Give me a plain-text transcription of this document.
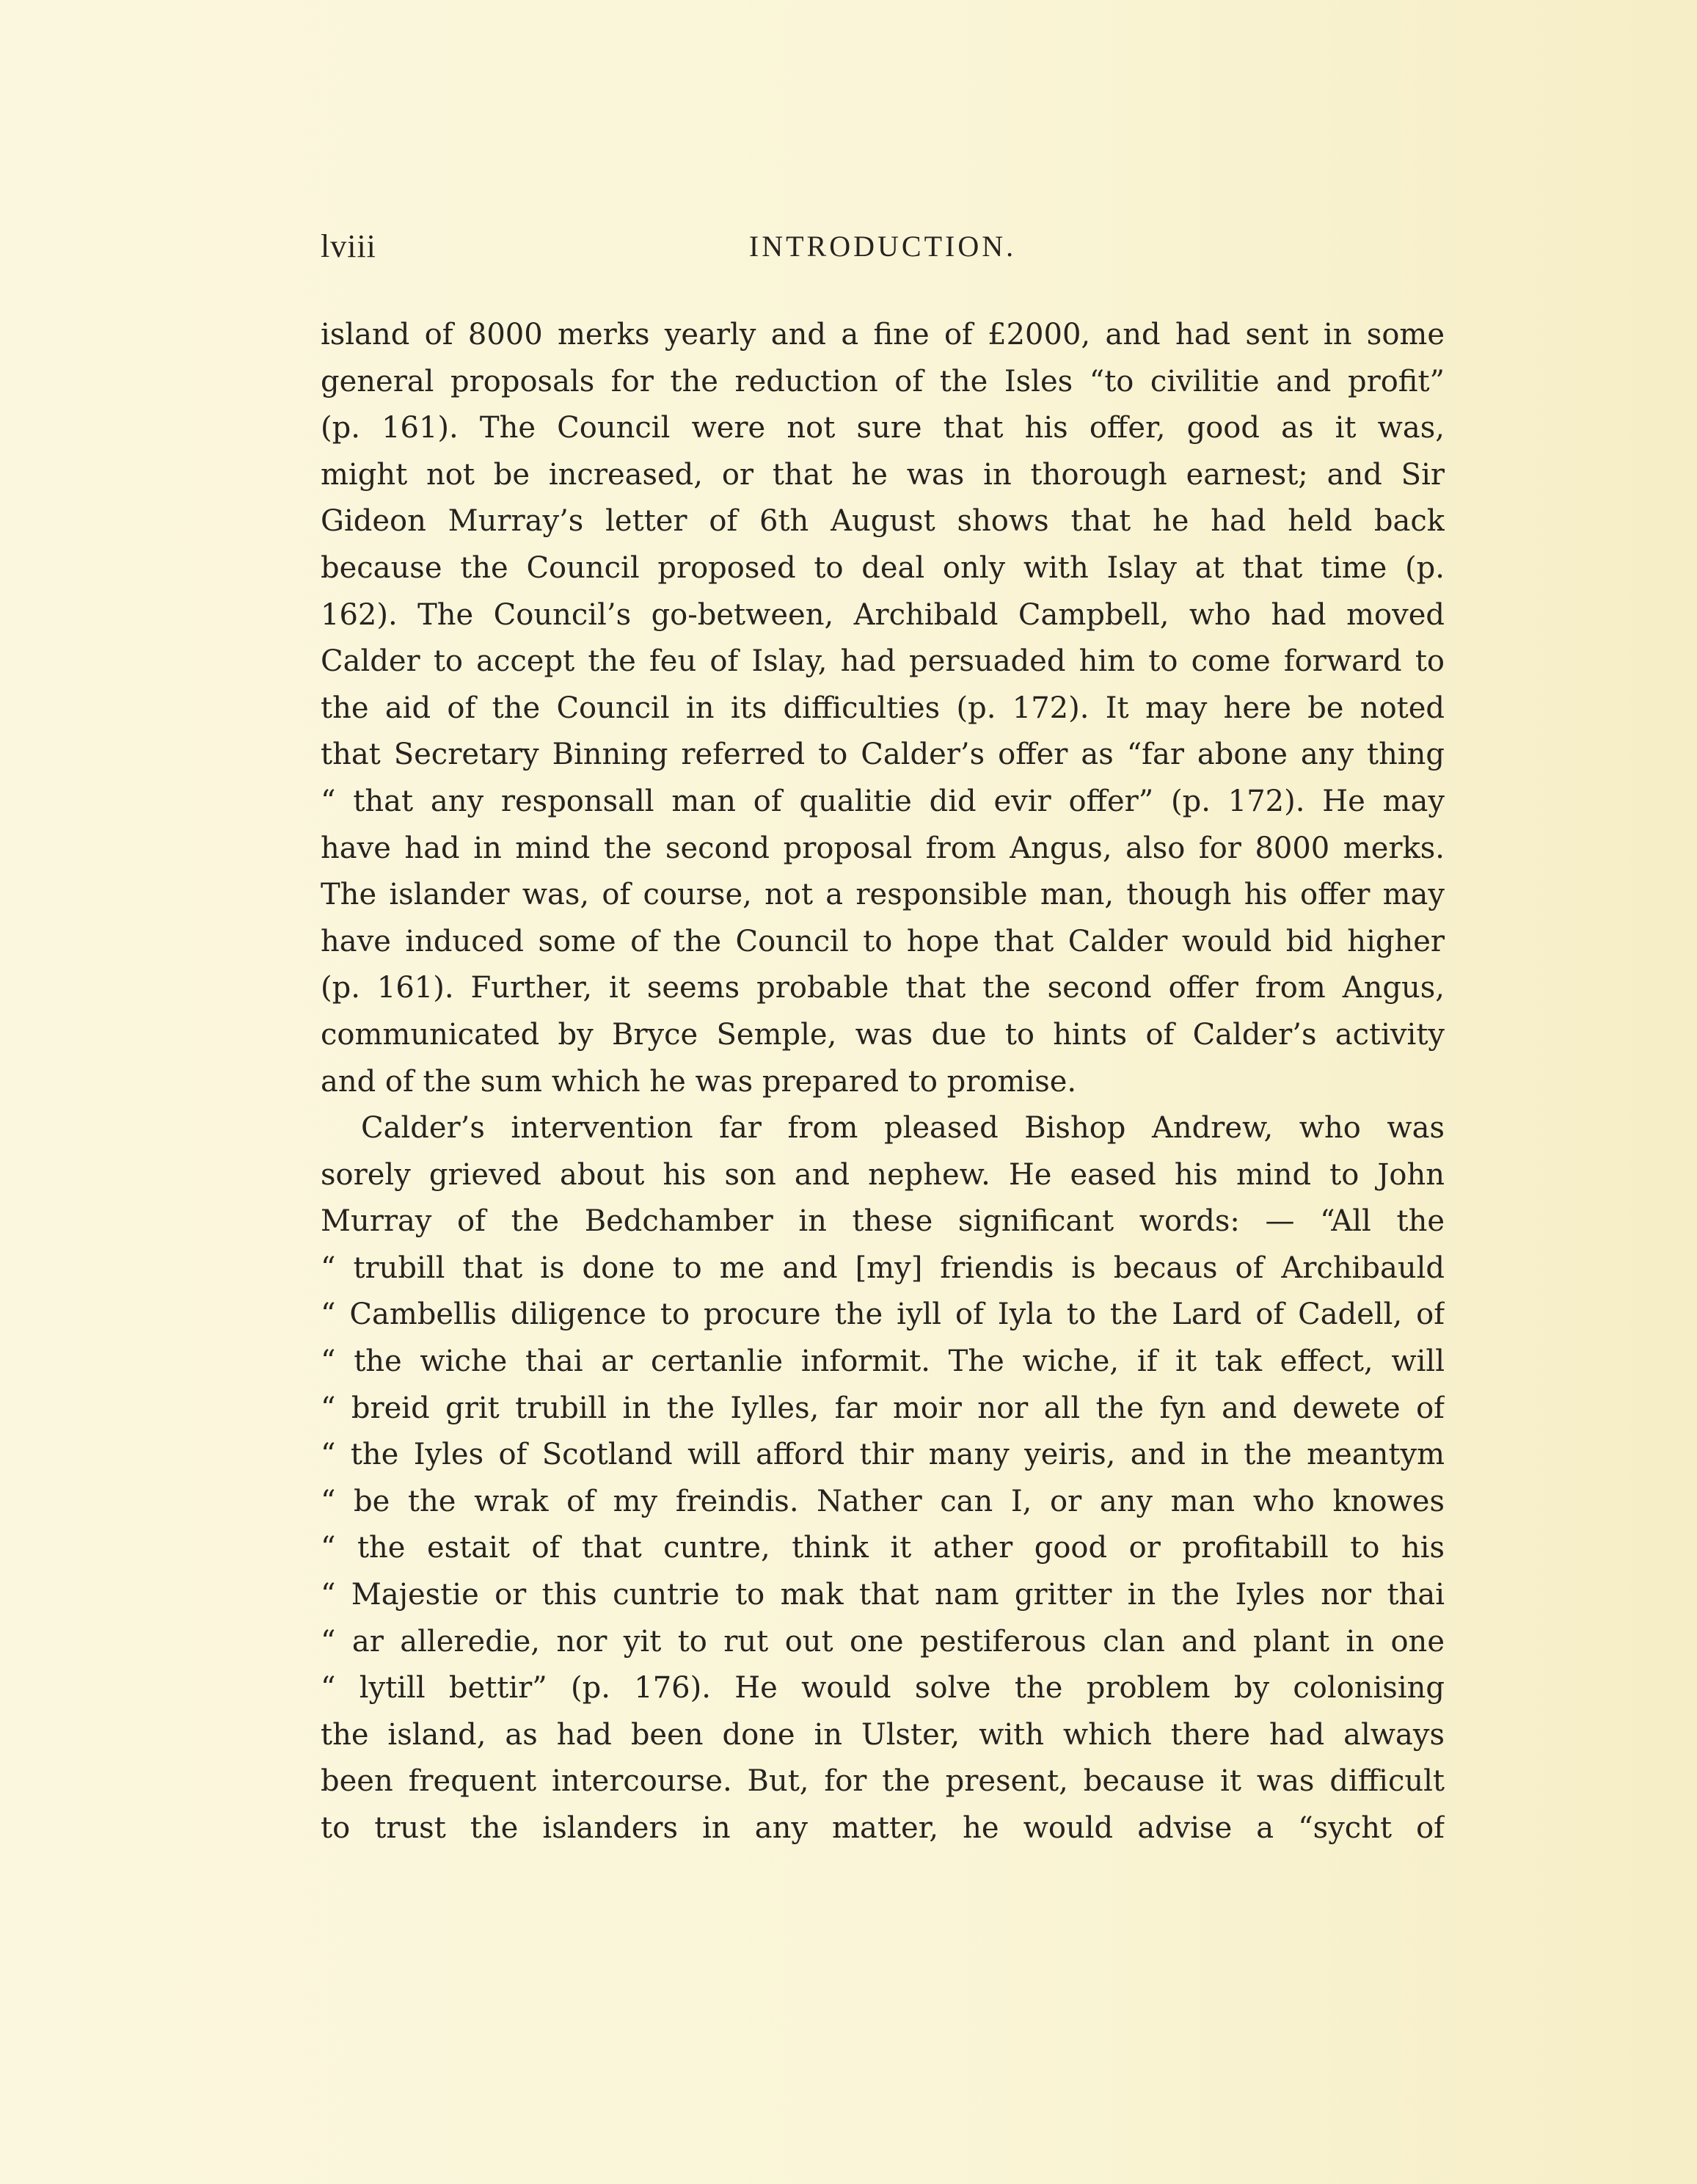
lviii	INTRODUCTION.
island of 8000 merks yearly and a fine of £2000, and had sent in some
general proposals for the reduction of the Isles “to civilitie and profit”
(p. 161). The Council were not sure that his offer, good as it was,
might not be increased, or that he was in thorough earnest; and Sir
Gideon Murray’s letter of 6th August shows that he had held back
because the Council proposed to deal only with Islay at that time (p.
162). The Council’s go-between, Archibald Campbell, who had moved
Calder to accept the feu of Islay, had persuaded him to come forward to
the aid of the Council in its difficulties (p. 172). It may here be noted
that Secretary Binning referred to Calder’s offer as “far abone any thing
“ that any responsall man of qualitie did evir offer” (p. 172). He may
have had in mind the second proposal from Angus, also for 8000 merks.
The islander was, of course, not a responsible man, though his offer may
have induced some of the Council to hope that Calder would bid higher
(p. 161). Further, it seems probable that the second offer from Angus,
communicated by Bryce Semple, was due to hints of Calder’s activity
and of the sum which he was prepared to promise.
Calder’s intervention far from pleased Bishop Andrew, who was
sorely grieved about his son and nephew. He eased his mind to John
Murray of the Bedchamber in these significant words: — “All the
“ trubill that is done to me and [my] friendis is becaus of Archibauld
“ Cambellis diligence to procure the iyll of Iyla to the Lard of Cadell, of
“ the wiche thai ar certanlie informit. The wiche, if it tak effect, will
“ breid grit trubill in the Iylles, far moir nor all the fyn and dewete of
“ the Iyles of Scotland will afford thir many yeiris, and in the meantym
“ be the wrak of my freindis. Nather can I, or any man who knowes
“ the estait of that cuntre, think it ather good or profitabill to his
“ Majestie or this cuntrie to mak that nam gritter in the Iyles nor thai
“ ar alleredie, nor yit to rut out one pestiferous clan and plant in one
“ lytill bettir” (p. 176). He would solve the problem by colonising
the island, as had been done in Ulster, with which there had always
been frequent intercourse. But, for the present, because it was difficult
to trust the islanders in any matter, he would advise a “sycht of
